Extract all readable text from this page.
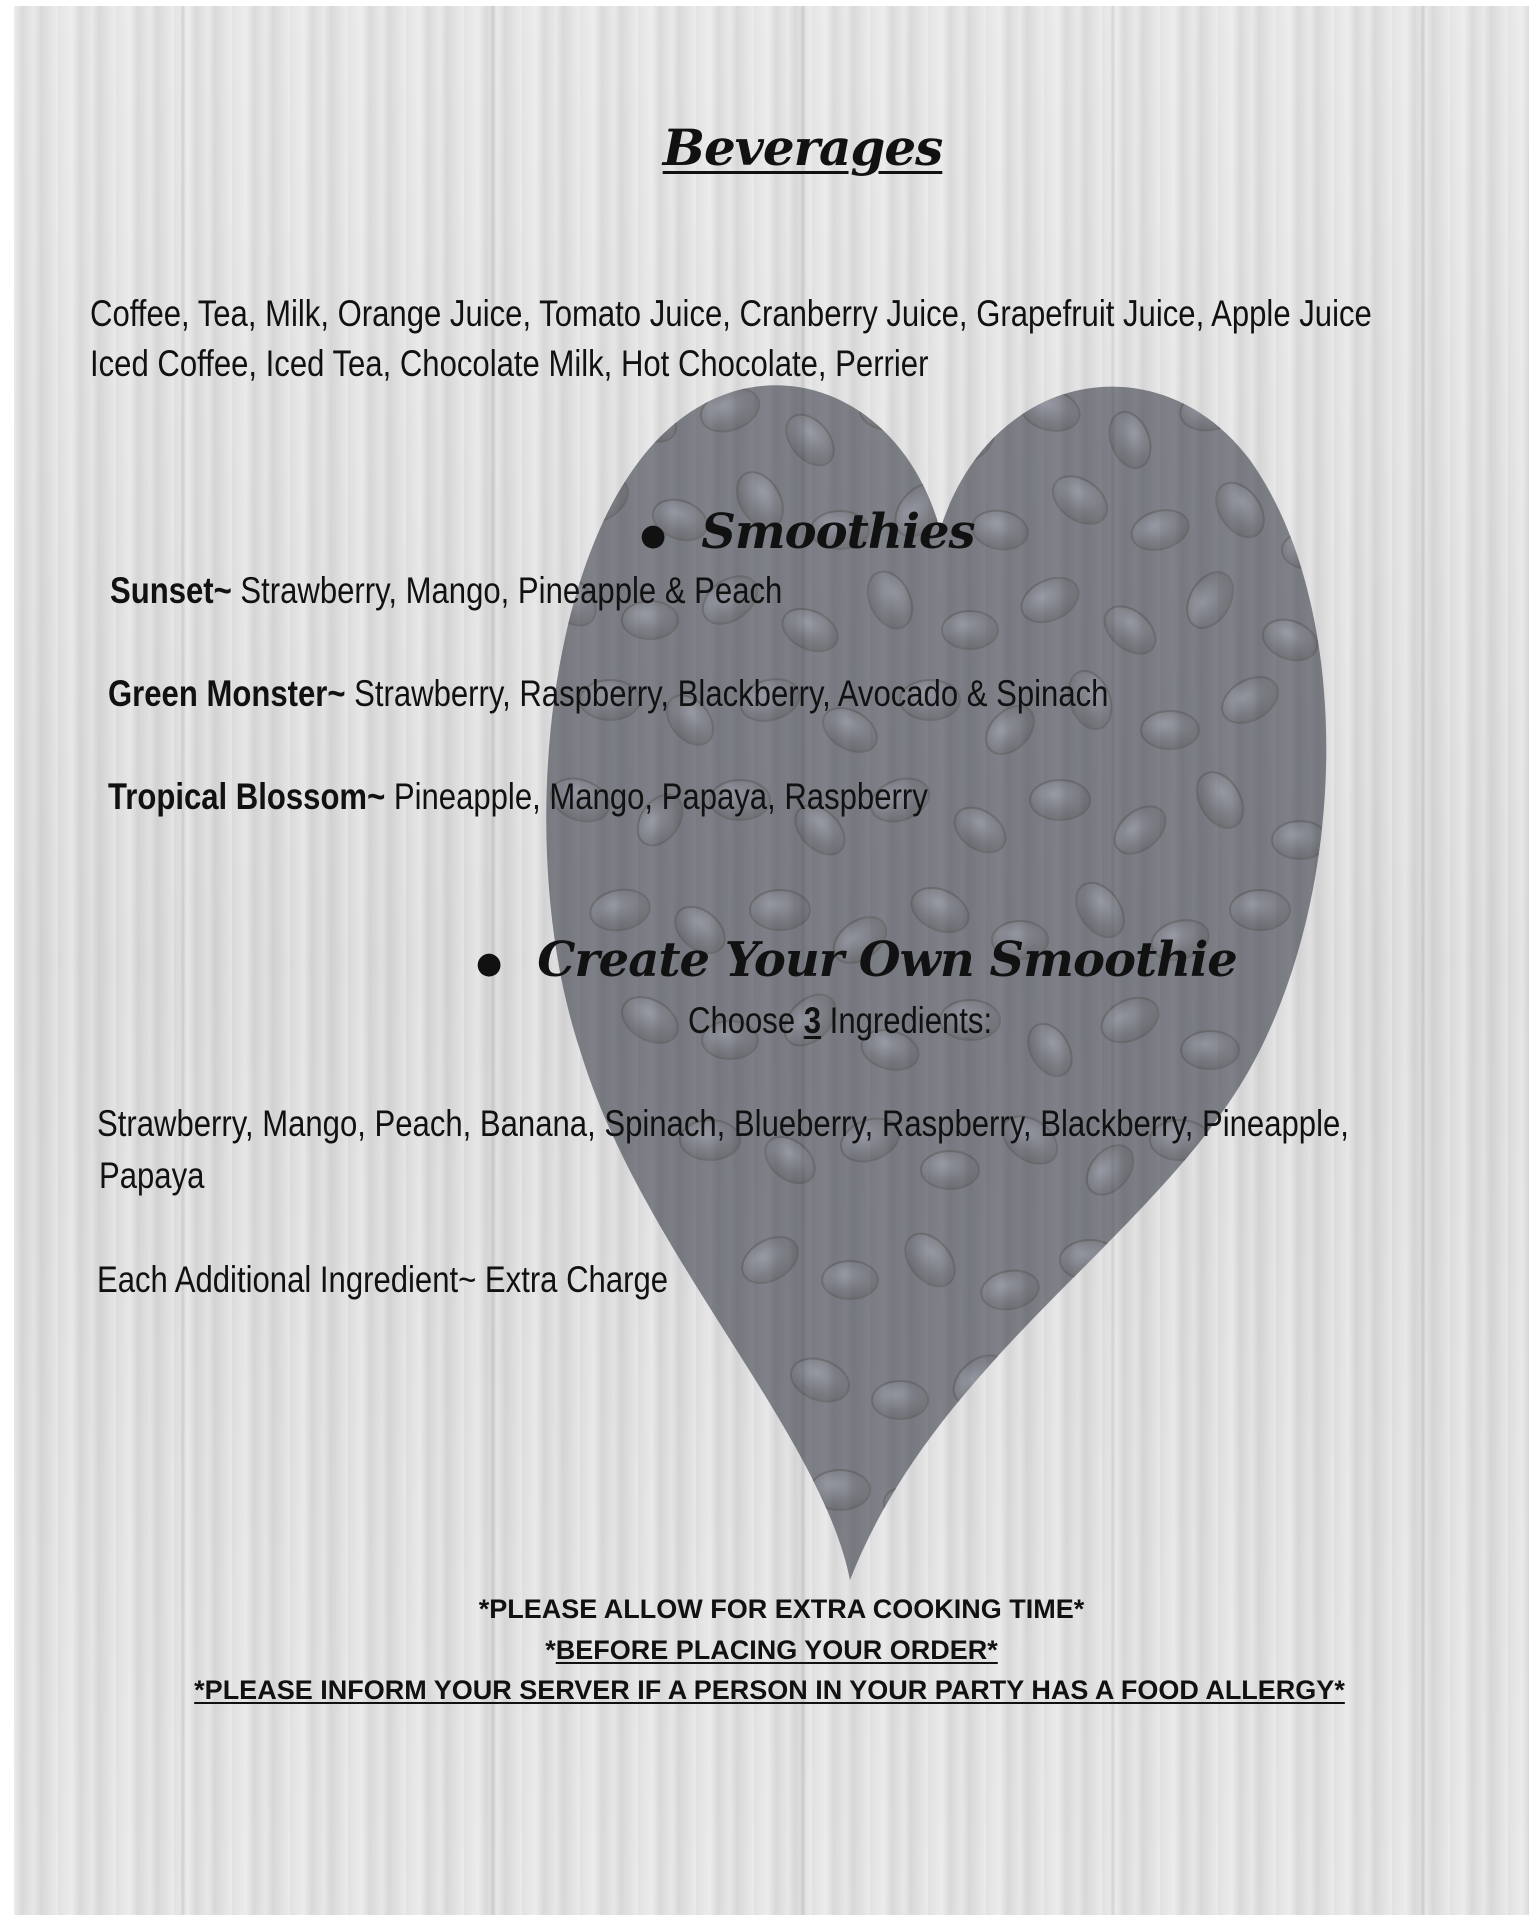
Beverages
Coffee, Tea, Milk, Orange Juice, Tomato Juice, Cranberry Juice, Grapefruit Juice, Apple Juice
Iced Coffee, Iced Tea, Chocolate Milk, Hot Chocolate, Perrier
● Smoothies
Sunset~ Strawberry, Mango, Pineapple & Peach
Green Monster~ Strawberry, Raspberry, Blackberry, Avocado & Spinach
Tropical Blossom~ Pineapple, Mango, Papaya, Raspberry
● Create Your Own Smoothie
Choose 3 Ingredients:
Strawberry, Mango, Peach, Banana, Spinach, Blueberry, Raspberry, Blackberry, Pineapple,
Papaya
Each Additional Ingredient~ Extra Charge
*PLEASE ALLOW FOR EXTRA COOKING TIME*
*BEFORE PLACING YOUR ORDER*
*PLEASE INFORM YOUR SERVER IF A PERSON IN YOUR PARTY HAS A FOOD ALLERGY*
